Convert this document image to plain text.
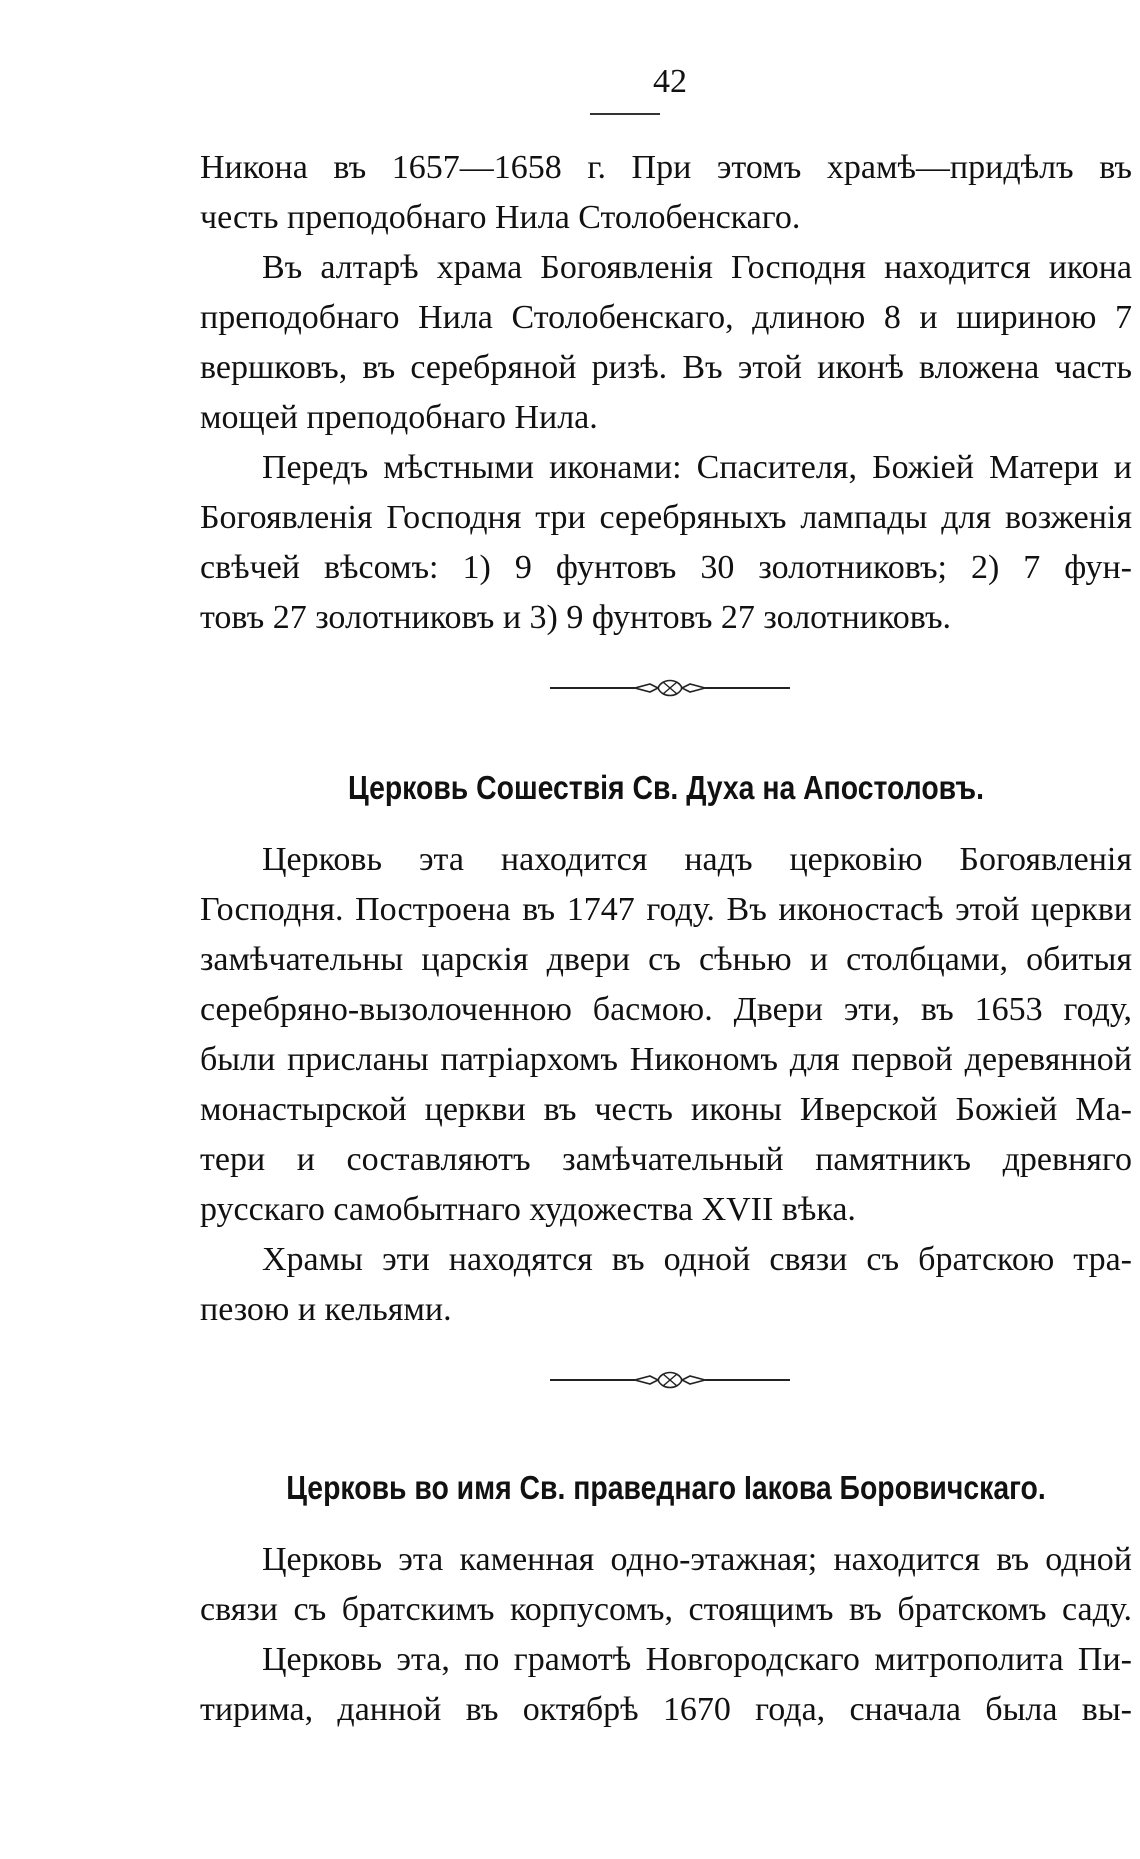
42
Никона въ 1657—1658 г. При этомъ храмѣ—придѣлъ въ
честь преподобнаго Нила Столобенскаго.
Въ алтарѣ храма Богоявленія Господня находится икона
преподобнаго Нила Столобенскаго, длиною 8 и шириною 7
вершковъ, въ серебряной ризѣ. Въ этой иконѣ вложена часть
мощей преподобнаго Нила.
Передъ мѣстными иконами: Спасителя, Божіей Матери и
Богоявленія Господня три серебряныхъ лампады для возженія
свѣчей вѣсомъ: 1) 9 фунтовъ 30 золотниковъ; 2) 7 фун-
товъ 27 золотниковъ и 3) 9 фунтовъ 27 золотниковъ.
Церковь Сошествія Св. Духа на Апостоловъ.
Церковь эта находится надъ церковію Богоявленія
Господня. Построена въ 1747 году. Въ иконостасѣ этой церкви
замѣчательны царскія двери съ сѣнью и столбцами, обитыя
серебряно-вызолоченною басмою. Двери эти, въ 1653 году,
были присланы патріархомъ Никономъ для первой деревянной
монастырской церкви въ честь иконы Иверской Божіей Ма-
тери и составляютъ замѣчательный памятникъ древняго
русскаго самобытнаго художества XVII вѣка.
Храмы эти находятся въ одной связи съ братскою тра-
пезою и кельями.
Церковь во имя Св. праведнаго Іакова Боровичскаго.
Церковь эта каменная одно-этажная; находится въ одной
связи съ братскимъ корпусомъ, стоящимъ въ братскомъ саду.
Церковь эта, по грамотѣ Новгородскаго митрополита Пи-
тирима, данной въ октябрѣ 1670 года, сначала была вы-
